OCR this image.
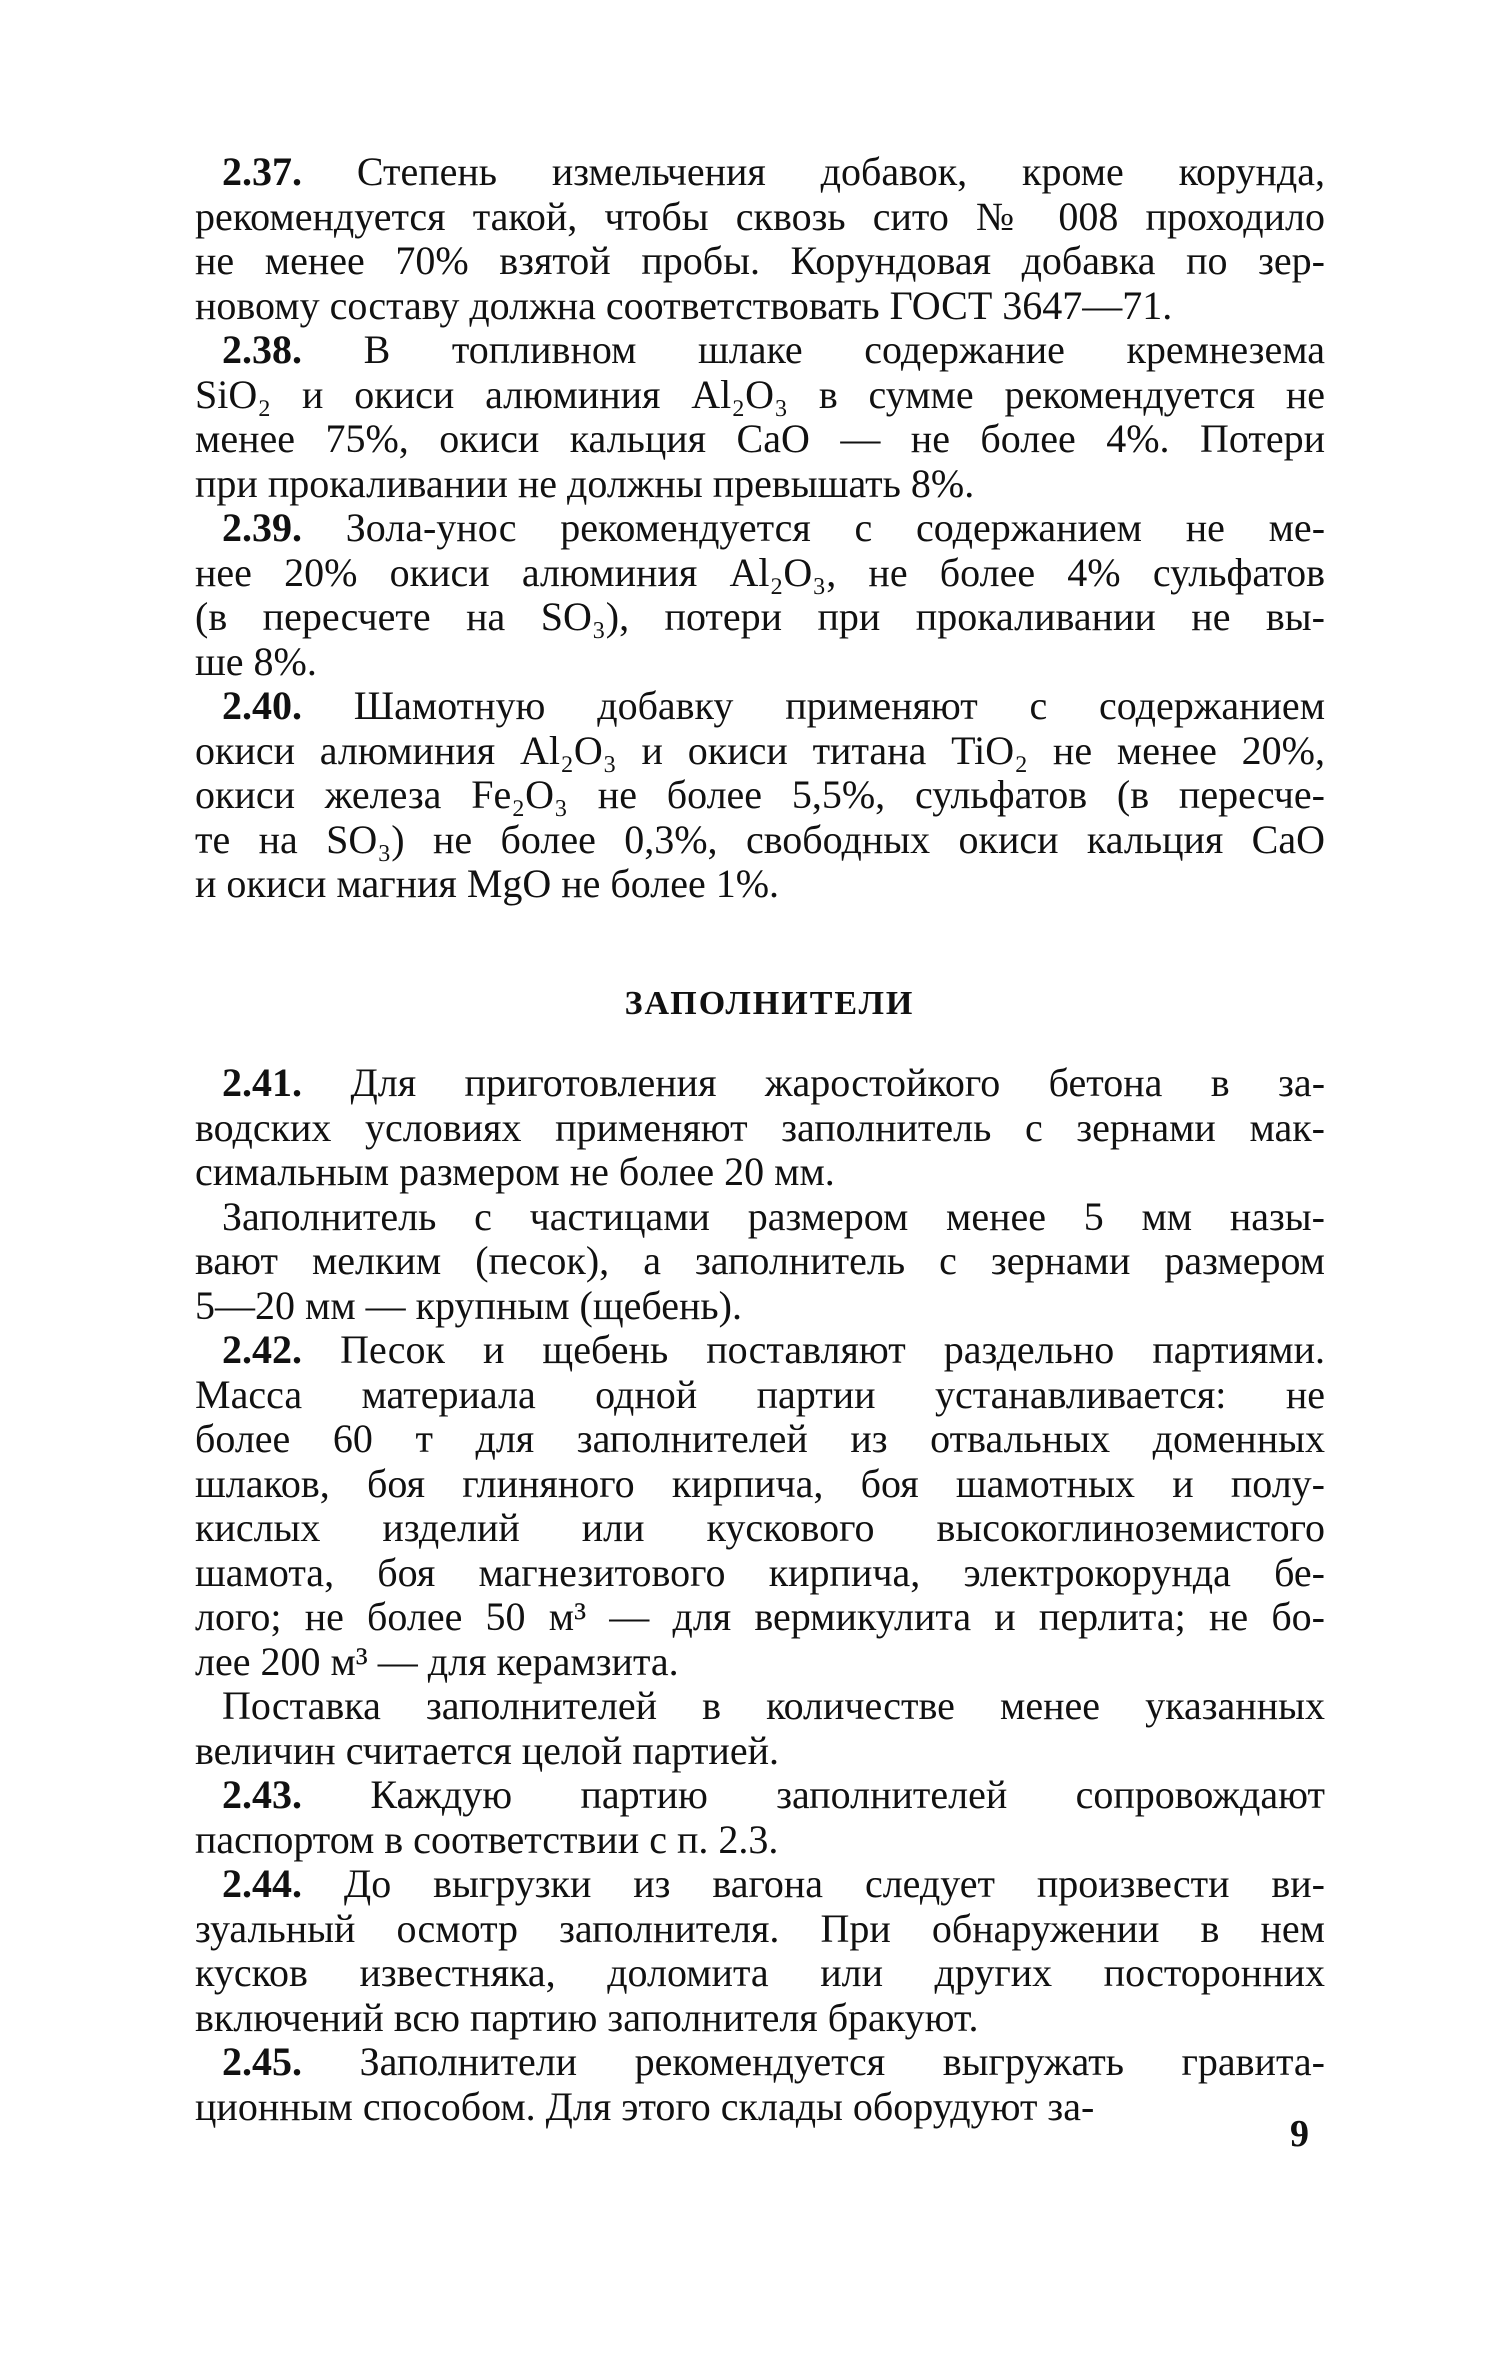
2.37. Степень измельчения добавок, кроме корунда,
рекомендуется такой, чтобы сквозь сито № 008 проходило
не менее 70% взятой пробы. Корундовая добавка по зер-
новому составу должна соответствовать ГОСТ 3647—71.
2.38. В топливном шлаке содержание кремнезема
SiO₂ и окиси алюминия Al₂O₃ в сумме рекомендуется не
менее 75%, окиси кальция CaO — не более 4%. Потери
при прокаливании не должны превышать 8%.
2.39. Зола-унос рекомендуется с содержанием не ме-
нее 20% окиси алюминия Al₂O₃, не более 4% сульфатов
(в пересчете на SO₃), потери при прокаливании не вы-
ше 8%.
2.40. Шамотную добавку применяют с содержанием
окиси алюминия Al₂O₃ и окиси титана TiO₂ не менее 20%,
окиси железа Fe₂O₃ не более 5,5%, сульфатов (в пересче-
те на SO₃) не более 0,3%, свободных окиси кальция CaO
и окиси магния MgO не более 1%.
ЗАПОЛНИТЕЛИ
2.41. Для приготовления жаростойкого бетона в за-
водских условиях применяют заполнитель с зернами мак-
симальным размером не более 20 мм.
Заполнитель с частицами размером менее 5 мм назы-
вают мелким (песок), а заполнитель с зернами размером
5—20 мм — крупным (щебень).
2.42. Песок и щебень поставляют раздельно партиями.
Масса материала одной партии устанавливается: не
более 60 т для заполнителей из отвальных доменных
шлаков, боя глиняного кирпича, боя шамотных и полу-
кислых изделий или кускового высокоглиноземистого
шамота, боя магнезитового кирпича, электрокорунда бе-
лого; не более 50 м³ — для вермикулита и перлита; не бо-
лее 200 м³ — для керамзита.
Поставка заполнителей в количестве менее указанных
величин считается целой партией.
2.43. Каждую партию заполнителей сопровождают
паспортом в соответствии с п. 2.3.
2.44. До выгрузки из вагона следует произвести ви-
зуальный осмотр заполнителя. При обнаружении в нем
кусков известняка, доломита или других посторонних
включений всю партию заполнителя бракуют.
2.45. Заполнители рекомендуется выгружать гравита-
ционным способом. Для этого склады оборудуют за-
9
